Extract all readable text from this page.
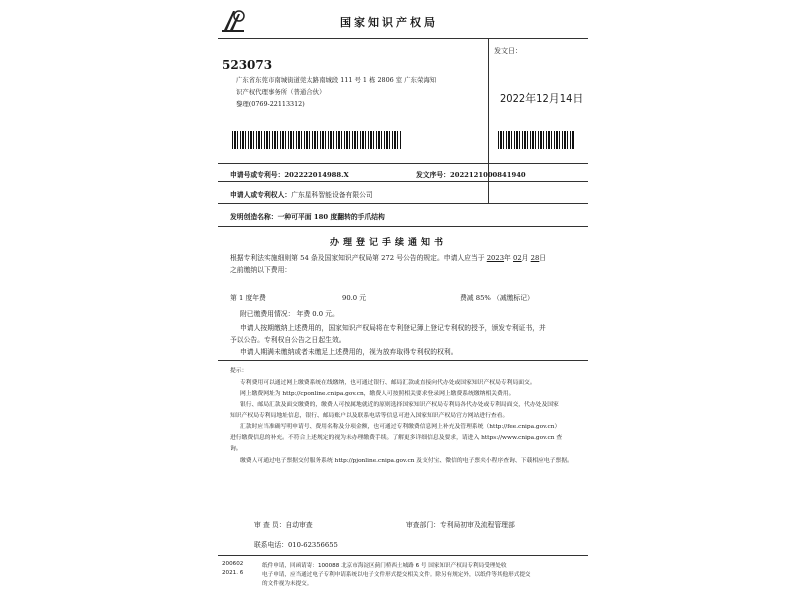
国家知识产权局
523073
广东省东莞市南城街道莞太路南城段 111 号 1 栋 2806 室 广东荣海知
识产权代理事务所（普通合伙）
黎理(0769-22113312)
发文日：
2022年12月14日
申请号或专利号：202222014988.X	发文序号：2022121000841940
申请人或专利权人：广东星科智能设备有限公司
发明创造名称：一种可平面 180 度翻转的手爪结构
办理登记手续通知书
根据专利法实施细则第 54 条及国家知识产权局第 272 号公告的规定。申请人应当于 2023年 02月 28日
之前缴纳以下费用：
第 1 度年费	90.0 元	费减 85% （减缴标记）
附已缴费用情况： 年费 0.0 元。
申请人按期缴纳上述费用的，国家知识产权局将在专利登记簿上登记专利权的授予，颁发专利证书，并
予以公告。专利权自公告之日起生效。
申请人期满未缴纳或者未缴足上述费用的，视为放弃取得专利权的权利。
提示：
专利费用可以通过网上缴费系统在线缴纳，也可通过银行、邮局汇款或直接向代办处或国家知识产权局专利局面交。
网上缴费网址为 http://cponline.cnipa.gov.cn，缴费人可按照相关要求登录网上缴费系统缴纳相关费用。
银行、邮局汇款及面交缴费的，缴费人可按属地就近的原则选择国家知识产权局专利局各代办处或专利局面交，代办处及国家
知识产权局专利局地址信息，银行、邮局账户以及联系电话等信息可进入国家知识产权局官方网站进行查看。
汇款时应当准确写明申请号、费用名称及分项金额，也可通过专利缴费信息网上补充及管理系统（http://fee.cnipa.gov.cn）
进行缴费信息的补充。不符合上述规定的视为未办理缴费手续。了解更多详细信息及要求，请进入 https://www.cnipa.gov.cn 查
询。
缴费人可通过电子票据交付服务系统 http://pjonline.cnipa.gov.cn 及支付宝、微信的电子票夹小程序查询、下载相应电子票据。
审 查 员：自动审查	审查部门：专利局初审及流程管理部
联系电话：010-62356655
200602
2021. 6
纸件申请，回函请寄：100088 北京市海淀区蓟门桥西土城路 6 号 国家知识产权局专利局受理处收
电子申请，应当通过电子专利申请系统以电子文件形式提交相关文件。除另有规定外，以纸件等其他形式提交
的文件视为未提交。
